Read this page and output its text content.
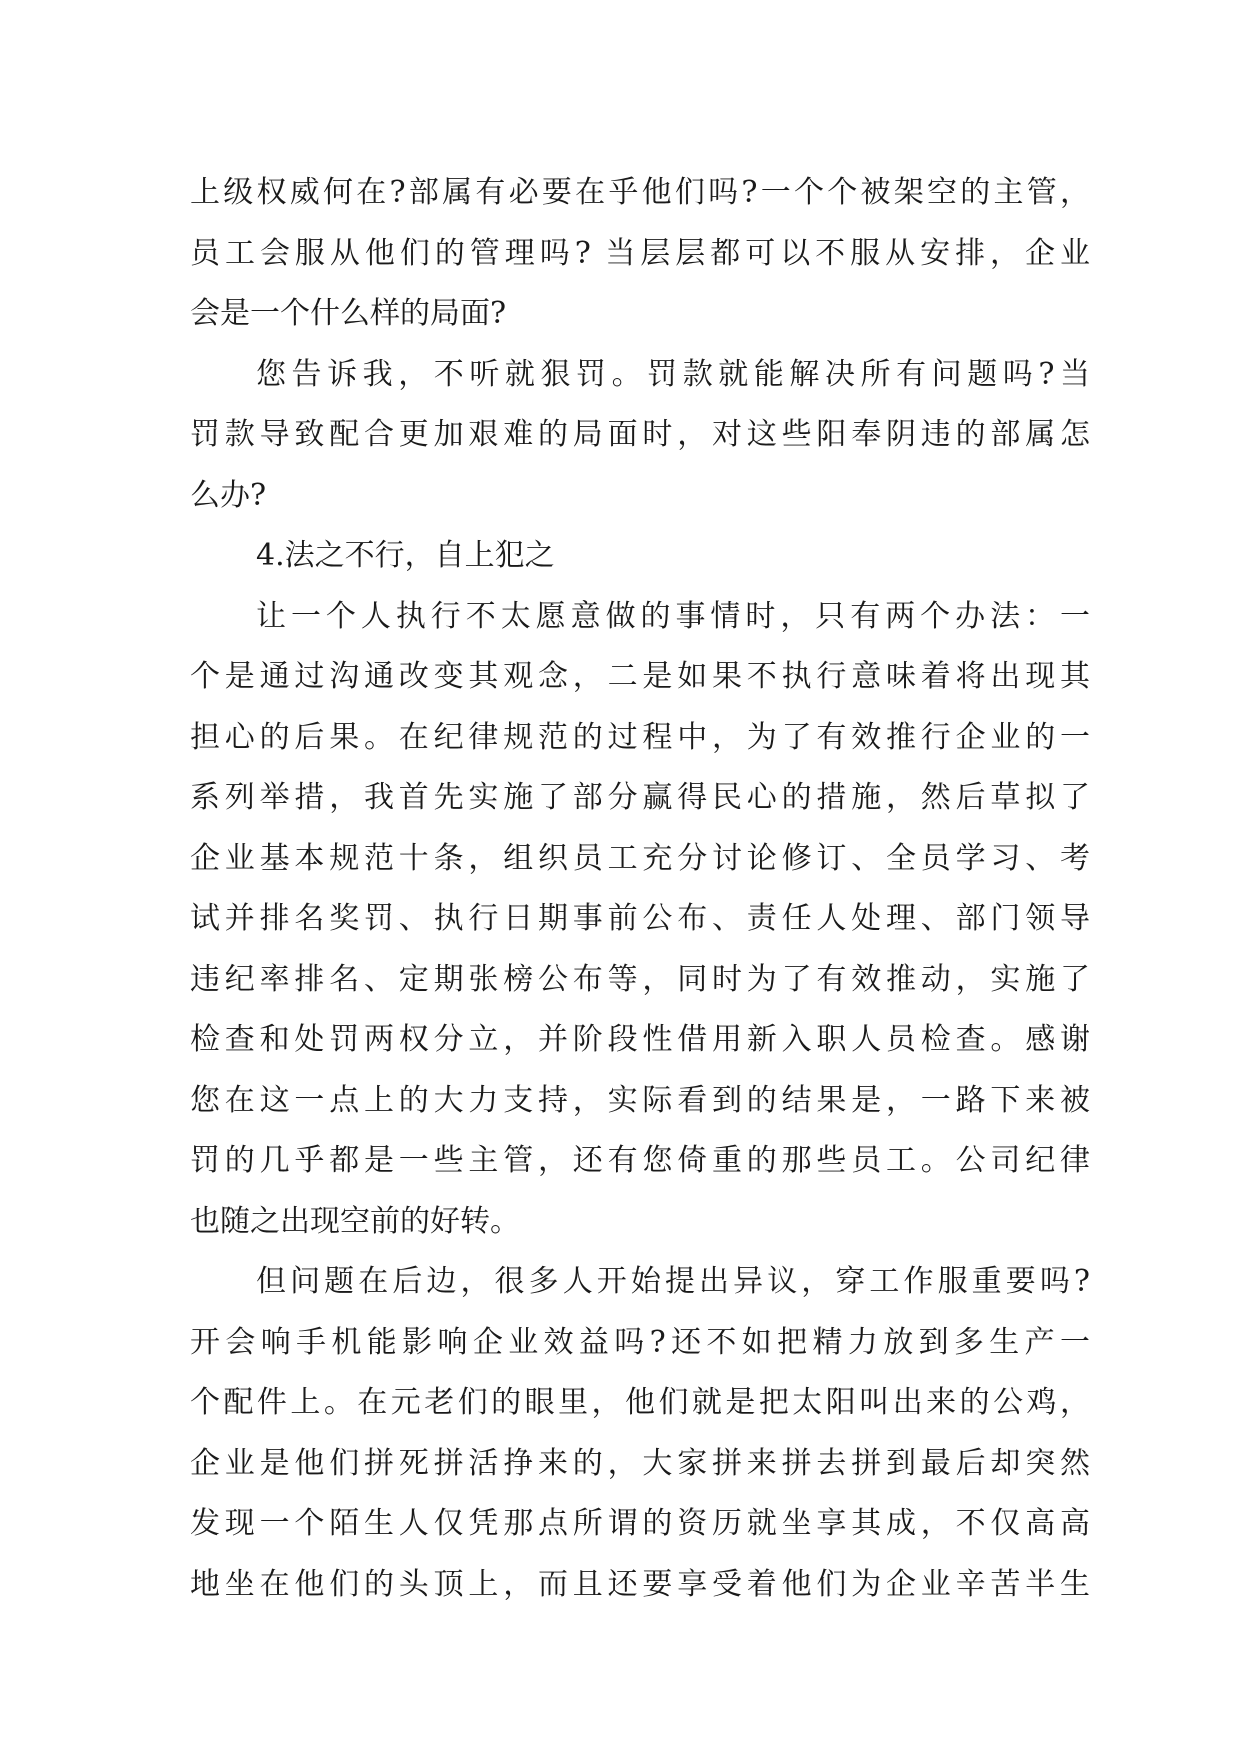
上级权威何在?部属有必要在乎他们吗?一个个被架空的主管，
员工会服从他们的管理吗? 当层层都可以不服从安排，企业
会是一个什么样的局面?
您告诉我，不听就狠罚。罚款就能解决所有问题吗?当
罚款导致配合更加艰难的局面时，对这些阳奉阴违的部属怎
么办?
4.法之不行，自上犯之
让一个人执行不太愿意做的事情时，只有两个办法：一
个是通过沟通改变其观念，二是如果不执行意味着将出现其
担心的后果。在纪律规范的过程中，为了有效推行企业的一
系列举措，我首先实施了部分赢得民心的措施，然后草拟了
企业基本规范十条，组织员工充分讨论修订、全员学习、考
试并排名奖罚、执行日期事前公布、责任人处理、部门领导
违纪率排名、定期张榜公布等，同时为了有效推动，实施了
检查和处罚两权分立，并阶段性借用新入职人员检查。感谢
您在这一点上的大力支持，实际看到的结果是，一路下来被
罚的几乎都是一些主管，还有您倚重的那些员工。公司纪律
也随之出现空前的好转。
但问题在后边，很多人开始提出异议，穿工作服重要吗?
开会响手机能影响企业效益吗?还不如把精力放到多生产一
个配件上。在元老们的眼里，他们就是把太阳叫出来的公鸡，
企业是他们拼死拼活挣来的，大家拼来拼去拼到最后却突然
发现一个陌生人仅凭那点所谓的资历就坐享其成，不仅高高
地坐在他们的头顶上，而且还要享受着他们为企业辛苦半生
